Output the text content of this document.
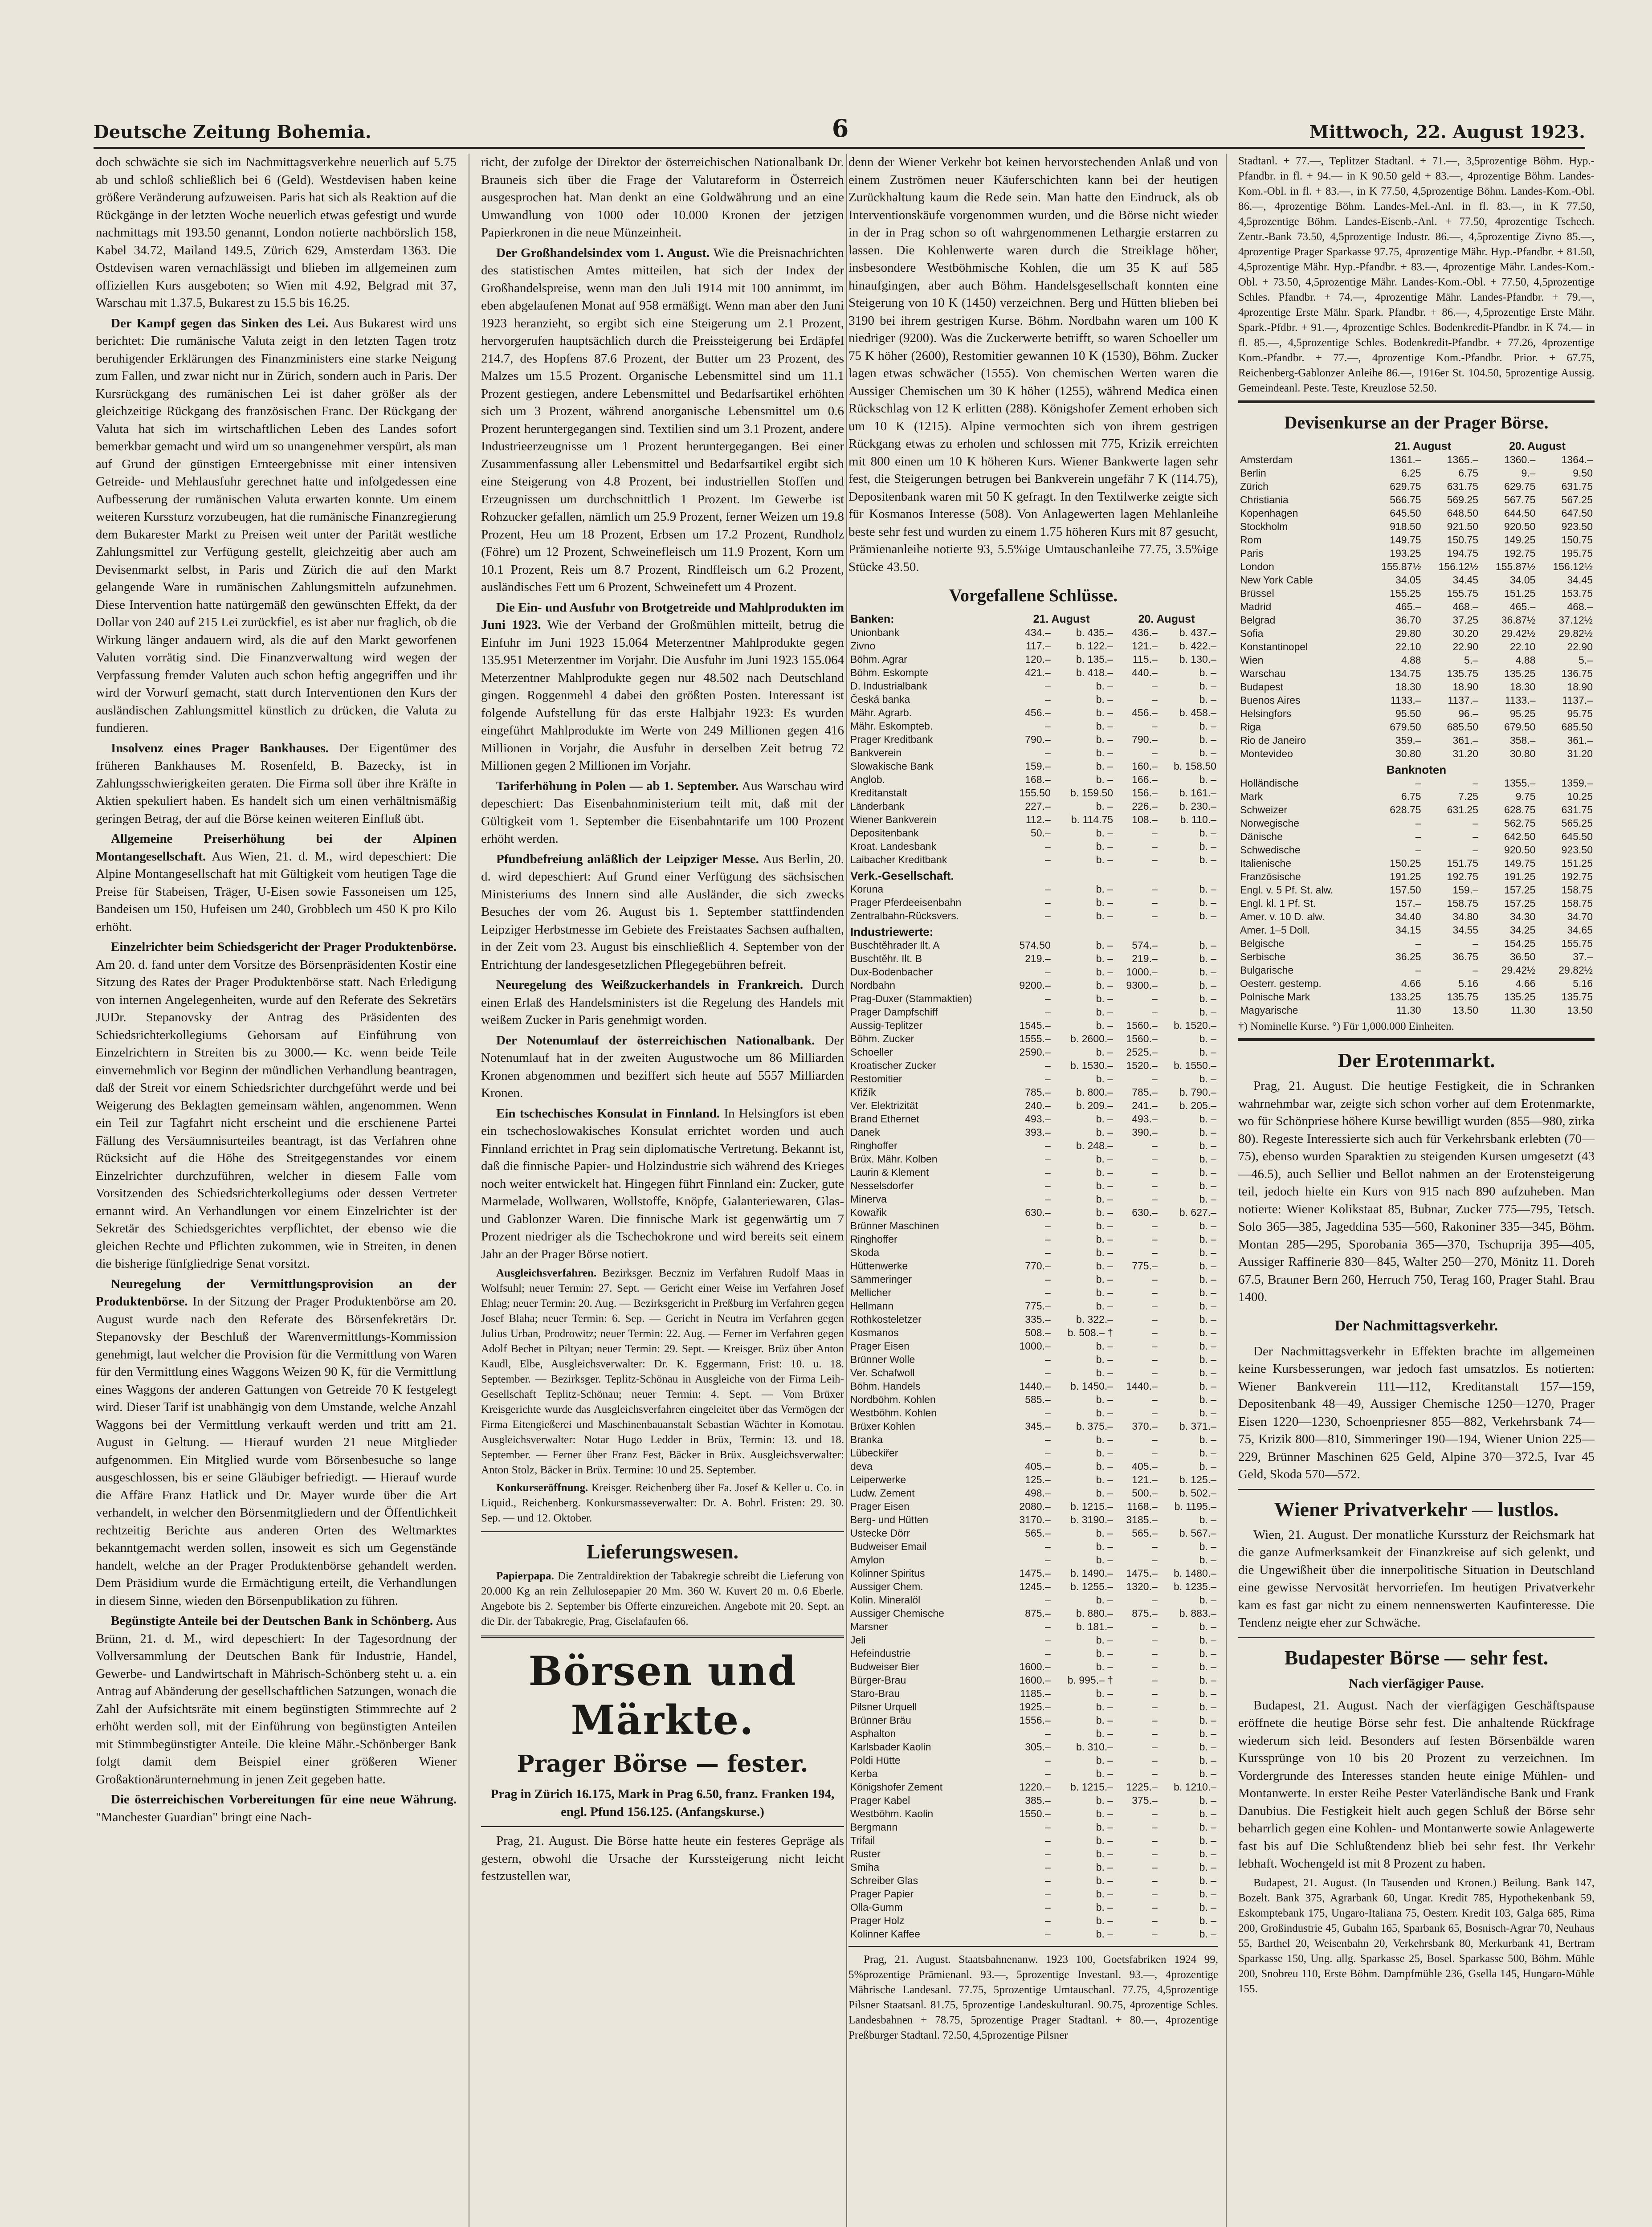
Deutsche Zeitung Bohemia.	6	Mittwoch, 22. August 1923.

doch schwächte sie sich im Nachmittagsverkehre neuerlich auf 5.75 ab und schloß schließlich bei 6 (Geld). Westdevisen haben keine größere Veränderung aufzuweisen. Paris hat sich als Reaktion auf die Rückgänge in der letzten Woche neuerlich etwas gefestigt und wurde nachmittags mit 193.50 genannt, London notierte nachbörslich 158, Kabel 34.72, Mailand 149.5, Zürich 629, Amsterdam 1363. Die Ostdevisen waren vernachlässigt und blieben im allgemeinen zum offiziellen Kurs ausgeboten; so Wien mit 4.92, Belgrad mit 37, Warschau mit 1.37.5, Bukarest zu 15.5 bis 16.25.

Der Kampf gegen das Sinken des Lei. Aus Bukarest wird uns berichtet: Die rumänische Valuta zeigt in den letzten Tagen trotz beruhigender Erklärungen des Finanzministers eine starke Neigung zum Fallen, und zwar nicht nur in Zürich, sondern auch in Paris. Der Kursrückgang des rumänischen Lei ist daher größer als der gleichzeitige Rückgang des französischen Franc. Der Rückgang der Valuta hat sich im wirtschaftlichen Leben des Landes sofort bemerkbar gemacht und wird um so unangenehmer verspürt, als man auf Grund der günstigen Ernteergebnisse mit einer intensiven Getreide- und Mehlausfuhr gerechnet hatte und infolgedessen eine Aufbesserung der rumänischen Valuta erwarten konnte. Um einem weiteren Kurssturz vorzubeugen, hat die rumänische Finanzregierung dem Bukarester Markt zu Preisen weit unter der Parität westliche Zahlungsmittel zur Verfügung gestellt, gleichzeitig aber auch am Devisenmarkt selbst, in Paris und Zürich die auf den Markt gelangende Ware in rumänischen Zahlungsmitteln aufzunehmen. Diese Intervention hatte natürgemäß den gewünschten Effekt, da der Dollar von 240 auf 215 Lei zurückfiel, es ist aber nur fraglich, ob die Wirkung länger andauern wird, als die auf den Markt geworfenen Valuten vorrätig sind. Die Finanzverwaltung wird wegen der Verpfassung fremder Valuten auch schon heftig angegriffen und ihr wird der Vorwurf gemacht, statt durch Interventionen den Kurs der ausländischen Zahlungsmittel künstlich zu drücken, die Valuta zu fundieren.

Insolvenz eines Prager Bankhauses. Der Eigentümer des früheren Bankhauses M. Rosenfeld, B. Bazecky, ist in Zahlungsschwierigkeiten geraten. Die Firma soll über ihre Kräfte in Aktien spekuliert haben. Es handelt sich um einen verhältnismäßig geringen Betrag, der auf die Börse keinen weiteren Einfluß übt.

Allgemeine Preiserhöhung bei der Alpinen Montangesellschaft. Aus Wien, 21. d. M., wird depeschiert: Die Alpine Montangesellschaft hat mit Gültigkeit vom heutigen Tage die Preise für Stabeisen, Träger, U-Eisen sowie Fassoneisen um 125, Bandeisen um 150, Hufeisen um 240, Grobblech um 450 K pro Kilo erhöht.

Einzelrichter beim Schiedsgericht der Prager Produktenbörse. Am 20. d. fand unter dem Vorsitze des Börsenpräsidenten Kostir eine Sitzung des Rates der Prager Produktenbörse statt. Nach Erledigung von internen Angelegenheiten, wurde auf den Referate des Sekretärs JUDr. Stepanovsky der Antrag des Präsidenten des Schiedsrichterkollegiums Gehorsam auf Einführung von Einzelrichtern in Streiten bis zu 3000.— Kc. wenn beide Teile einvernehmlich vor Beginn der mündlichen Verhandlung beantragen, daß der Streit vor einem Schiedsrichter durchgeführt werde und bei Weigerung des Beklagten gemeinsam wählen, angenommen. Wenn ein Teil zur Tagfahrt nicht erscheint und die erschienene Partei Fällung des Versäumnisurteiles beantragt, ist das Verfahren ohne Rücksicht auf die Höhe des Streitgegenstandes vor einem Einzelrichter durchzuführen, welcher in diesem Falle vom Vorsitzenden des Schiedsrichterkollegiums oder dessen Vertreter ernannt wird. An Verhandlungen vor einem Einzelrichter ist der Sekretär des Schiedsgerichtes verpflichtet, der ebenso wie die gleichen Rechte und Pflichten zukommen, wie in Streiten, in denen die bisherige fünfgliedrige Senat vorsitzt.

Neuregelung der Vermittlungsprovision an der Produktenbörse. In der Sitzung der Prager Produktenbörse am 20. August wurde nach den Referate des Börsenfekretärs Dr. Stepanovsky der Beschluß der Warenvermittlungs-Kommission genehmigt, laut welcher die Provision für die Vermittlung von Waren für den Vermittlung eines Waggons Weizen 90 K, für die Vermittlung eines Waggons der anderen Gattungen von Getreide 70 K festgelegt wird. Dieser Tarif ist unabhängig von dem Umstande, welche Anzahl Waggons bei der Vermittlung verkauft werden und tritt am 21. August in Geltung. — Hierauf wurden 21 neue Mitglieder aufgenommen. Ein Mitglied wurde vom Börsenbesuche so lange ausgeschlossen, bis er seine Gläubiger befriedigt. — Hierauf wurde die Affäre Franz Hatlick und Dr. Mayer wurde über die Art verhandelt, in welcher den Börsenmitgliedern und der Öffentlichkeit rechtzeitig Berichte aus anderen Orten des Weltmarktes bekanntgemacht werden sollen, insoweit es sich um Gegenstände handelt, welche an der Prager Produktenbörse gehandelt werden. Dem Präsidium wurde die Ermächtigung erteilt, die Verhandlungen in diesem Sinne, wieden den Börsenpublikation zu führen.

Begünstigte Anteile bei der Deutschen Bank in Schönberg. Aus Brünn, 21. d. M., wird depeschiert: In der Tagesordnung der Vollversammlung der Deutschen Bank für Industrie, Handel, Gewerbe- und Landwirtschaft in Mährisch-Schönberg steht u. a. ein Antrag auf Abänderung der gesellschaftlichen Satzungen, wonach die Zahl der Aufsichtsräte mit einem begünstigten Stimmrechte auf 2 erhöht werden soll, mit der Einführung von begünstigten Anteilen mit Stimmbegünstigter Anteile. Die kleine Mähr.-Schönberger Bank folgt damit dem Beispiel einer größeren Wiener Großaktionärunternehmung in jenen Zeit gegeben hatte.

Die österreichischen Vorbereitungen für eine neue Währung. "Manchester Guardian" bringt eine Nach-

richt, der zufolge der Direktor der österreichischen Nationalbank Dr. Brauneis sich über die Frage der Valutareform in Österreich ausgesprochen hat. Man denkt an eine Goldwährung und an eine Umwandlung von 1000 oder 10.000 Kronen der jetzigen Papierkronen in die neue Münzeinheit.

Der Großhandelsindex vom 1. August. Wie die Preisnachrichten des statistischen Amtes mitteilen, hat sich der Index der Großhandelspreise, wenn man den Juli 1914 mit 100 annimmt, im eben abgelaufenen Monat auf 958 ermäßigt. Wenn man aber den Juni 1923 heranzieht, so ergibt sich eine Steigerung um 2.1 Prozent, hervorgerufen hauptsächlich durch die Preissteigerung bei Erdäpfel 214.7, des Hopfens 87.6 Prozent, der Butter um 23 Prozent, des Malzes um 15.5 Prozent. Organische Lebensmittel sind um 11.1 Prozent gestiegen, andere Lebensmittel und Bedarfsartikel erhöhten sich um 3 Prozent, während anorganische Lebensmittel um 0.6 Prozent heruntergegangen sind. Textilien sind um 3.1 Prozent, andere Industrieerzeugnisse um 1 Prozent heruntergegangen. Bei einer Zusammenfassung aller Lebensmittel und Bedarfsartikel ergibt sich eine Steigerung von 4.8 Prozent, bei industriellen Stoffen und Erzeugnissen um durchschnittlich 1 Prozent. Im Gewerbe ist Rohzucker gefallen, nämlich um 25.9 Prozent, ferner Weizen um 19.8 Prozent, Heu um 18 Prozent, Erbsen um 17.2 Prozent, Rundholz (Föhre) um 12 Prozent, Schweinefleisch um 11.9 Prozent, Korn um 10.1 Prozent, Reis um 8.7 Prozent, Rindfleisch um 6.2 Prozent, ausländisches Fett um 6 Prozent, Schweinefett um 4 Prozent.

Die Ein- und Ausfuhr von Brotgetreide und Mahlprodukten im Juni 1923. Wie der Verband der Großmühlen mitteilt, betrug die Einfuhr im Juni 1923 15.064 Meterzentner Mahlprodukte gegen 135.951 Meterzentner im Vorjahr. Die Ausfuhr im Juni 1923 155.064 Meterzentner Mahlprodukte gegen nur 48.502 nach Deutschland gingen. Roggenmehl 4 dabei den größten Posten. Interessant ist folgende Aufstellung für das erste Halbjahr 1923: Es wurden eingeführt Mahlprodukte im Werte von 249 Millionen gegen 416 Millionen in Vorjahr, die Ausfuhr in derselben Zeit betrug 72 Millionen gegen 2 Millionen im Vorjahr.

Tariferhöhung in Polen — ab 1. September. Aus Warschau wird depeschiert: Das Eisenbahnministerium teilt mit, daß mit der Gültigkeit vom 1. September die Eisenbahntarife um 100 Prozent erhöht werden.

Pfundbefreiung anläßlich der Leipziger Messe. Aus Berlin, 20. d. wird depeschiert: Auf Grund einer Verfügung des sächsischen Ministeriums des Innern sind alle Ausländer, die sich zwecks Besuches der vom 26. August bis 1. September stattfindenden Leipziger Herbstmesse im Gebiete des Freistaates Sachsen aufhalten, in der Zeit vom 23. August bis einschließlich 4. September von der Entrichtung der landesgesetzlichen Pflegegebühren befreit.

Neuregelung des Weißzuckerhandels in Frankreich. Durch einen Erlaß des Handelsministers ist die Regelung des Handels mit weißem Zucker in Paris genehmigt worden.

Der Notenumlauf der österreichischen Nationalbank. Der Notenumlauf hat in der zweiten Augustwoche um 86 Milliarden Kronen abgenommen und beziffert sich heute auf 5557 Milliarden Kronen.

Ein tschechisches Konsulat in Finnland. In Helsingfors ist eben ein tschechoslowakisches Konsulat errichtet worden und auch Finnland errichtet in Prag sein diplomatische Vertretung. Bekannt ist, daß die finnische Papier- und Holzindustrie sich während des Krieges noch weiter entwickelt hat. Hingegen führt Finnland ein: Zucker, gute Marmelade, Wollwaren, Wollstoffe, Knöpfe, Galanteriewaren, Glas- und Gablonzer Waren. Die finnische Mark ist gegenwärtig um 7 Prozent niedriger als die Tschechokrone und wird bereits seit einem Jahr an der Prager Börse notiert.

Ausgleichsverfahren. Bezirksger. Beczniz im Verfahren Rudolf Maas in Wolfsuhl; neuer Termin: 27. Sept. — Gericht einer Weise im Verfahren Josef Ehlag; neuer Termin: 20. Aug. — Bezirksgericht in Preßburg im Verfahren gegen Josef Blaha; neuer Termin: 6. Sep. — Gericht in Neutra im Verfahren gegen Julius Urban, Prodrowitz; neuer Termin: 22. Aug. — Ferner im Verfahren gegen Adolf Bechet in Piltyan; neuer Termin: 29. Sept. — Kreisger. Brüz über Anton Kaudl, Elbe, Ausgleichsverwalter: Dr. K. Eggermann, Frist: 10. u. 18. September. — Bezirksger. Teplitz-Schönau in Ausgleiche von der Firma Leih-Gesellschaft Teplitz-Schönau; neuer Termin: 4. Sept. — Vom Brüxer Kreisgerichte wurde das Ausgleichsverfahren eingeleitet über das Vermögen der Firma Eitengießerei und Maschinenbauanstalt Sebastian Wächter in Komotau. Ausgleichsverwalter: Notar Hugo Ledder in Brüx, Termin: 13. und 18. September. — Ferner über Franz Fest, Bäcker in Brüx. Ausgleichsverwalter: Anton Stolz, Bäcker in Brüx. Termine: 10 und 25. September.

Konkurseröffnung. Kreisger. Reichenberg über Fa. Josef & Keller u. Co. in Liquid., Reichenberg. Konkursmasseverwalter: Dr. A. Bohrl. Fristen: 29. 30. Sep. — und 12. Oktober.

Lieferungswesen.

Papierpapa. Die Zentraldirektion der Tabakregie schreibt die Lieferung von 20.000 Kg an rein Zellulosepapier 20 Mm. 360 W. Kuvert 20 m. 0.6 Eberle. Angebote bis 2. September bis Offerte einzureichen. Angebote mit 20. Sept. an die Dir. der Tabakregie, Prag, Giselafaufen 66.

Börsen und Märkte.
Prager Börse — fester.

Prag in Zürich 16.175, Mark in Prag 6.50, franz. Franken 194, engl. Pfund 156.125. (Anfangskurse.)

Prag, 21. August. Die Börse hatte heute ein festeres Gepräge als gestern, obwohl die Ursache der Kurssteigerung nicht leicht festzustellen war,

denn der Wiener Verkehr bot keinen hervorstechenden Anlaß und von einem Zuströmen neuer Käuferschichten kann bei der heutigen Zurückhaltung kaum die Rede sein. Man hatte den Eindruck, als ob Interventionskäufe vorgenommen wurden, und die Börse nicht wieder in der in Prag schon so oft wahrgenommenen Lethargie erstarren zu lassen. Die Kohlenwerte waren durch die Streiklage höher, insbesondere Westböhmische Kohlen, die um 35 K auf 585 hinaufgingen, aber auch Böhm. Handelsgesellschaft konnten eine Steigerung von 10 K (1450) verzeichnen. Berg und Hütten blieben bei 3190 bei ihrem gestrigen Kurse. Böhm. Nordbahn waren um 100 K niedriger (9200). Was die Zuckerwerte betrifft, so waren Schoeller um 75 K höher (2600), Restomitier gewannen 10 K (1530), Böhm. Zucker lagen etwas schwächer (1555). Von chemischen Werten waren die Aussiger Chemischen um 30 K höher (1255), während Medica einen Rückschlag von 12 K erlitten (288). Königshofer Zement erhoben sich um 10 K (1215). Alpine vermochten sich von ihrem gestrigen Rückgang etwas zu erholen und schlossen mit 775, Krizik erreichten mit 800 einen um 10 K höheren Kurs. Wiener Bankwerte lagen sehr fest, die Steigerungen betrugen bei Bankverein ungefähr 7 K (114.75), Depositenbank waren mit 50 K gefragt. In den Textilwerke zeigte sich für Kosmanos Interesse (508). Von Anlagewerten lagen Mehlanleihe beste sehr fest und wurden zu einem 1.75 höheren Kurs mit 87 gesucht, Prämienanleihe notierte 93, 5.5%ige Umtauschanleihe 77.75, 3.5%ige Stücke 43.50.

Vorgefallene Schlüsse.
Banken:	21. August		20. August	
Unionbank	434.–	b. 435.–	436.–	b. 437.–
Zivno	117.–	b. 122.–	121.–	b. 422.–
Böhm. Agrar	120.–	b. 135.–	115.–	b. 130.–
Böhm. Eskompte	421.–	b. 418.–	440.–	b. –
D. Industrialbank	–	b. –	–	b. –
Česká banka	–	b. –	–	b. –
Mähr. Agrarb.	456.–	b. –	456.–	b. 458.–
Mähr. Eskompteb.	–	b. –	–	b. –
Prager Kreditbank	790.–	b. –	790.–	b. –
Bankverein	–	b. –	–	b. –
Slowakische Bank	159.–	b. –	160.–	b. 158.50
Anglob.	168.–	b. –	166.–	b. –
Kreditanstalt	155.50	b. 159.50	156.–	b. 161.–
Länderbank	227.–	b. –	226.–	b. 230.–
Wiener Bankverein	112.–	b. 114.75	108.–	b. 110.–
Depositenbank	50.–	b. –	–	b. –
Kroat. Landesbank	–	b. –	–	b. –
Laibacher Kreditbank	–	b. –	–	b. –
Verk.-Gesellschaft.				
Koruna	–	b. –	–	b. –
Prager Pferdeeisenbahn	–	b. –	–	b. –
Zentralbahn-Rücksvers.	–	b. –	–	b. –
Industriewerte:				
Buschtěhrader Ilt. A	574.50	b. –	574.–	b. –
Buschtěhr. Ilt. B	219.–	b. –	219.–	b. –
Dux-Bodenbacher	–	b. –	1000.–	b. –
Nordbahn	9200.–	b. –	9300.–	b. –
Prag-Duxer (Stammaktien)	–	b. –	–	b. –
Prager Dampfschiff	–	b. –	–	b. –
Aussig-Teplitzer	1545.–	b. –	1560.–	b. 1520.–
Böhm. Zucker	1555.–	b. 2600.–	1560.–	b. –
Schoeller	2590.–	b. –	2525.–	b. –
Kroatischer Zucker	–	b. 1530.–	1520.–	b. 1550.–
Restomitier	–	b. –	–	b. –
Křižík	785.–	b. 800.–	785.–	b. 790.–
Ver. Elektrizität	240.–	b. 209.–	241.–	b. 205.–
Brand Ethernet	493.–	b. –	493.–	b. –
Danek	393.–	b. –	390.–	b. –
Ringhoffer	–	b. 248.–	–	b. –
Brüx. Mähr. Kolben	–	b. –	–	b. –
Laurin & Klement	–	b. –	–	b. –
Nesselsdorfer	–	b. –	–	b. –
Minerva	–	b. –	–	b. –
Kowařik	630.–	b. –	630.–	b. 627.–
Brünner Maschinen	–	b. –	–	b. –
Ringhoffer	–	b. –	–	b. –
Skoda	–	b. –	–	b. –
Hüttenwerke	770.–	b. –	775.–	b. –
Sämmeringer	–	b. –	–	b. –
Mellicher	–	b. –	–	b. –
Hellmann	775.–	b. –	–	b. –
Rothkosteletzer	335.–	b. 322.–	–	b. –
Kosmanos	508.–	b. 508.– †	–	b. –
Prager Eisen	1000.–	b. –	–	b. –
Brünner Wolle	–	b. –	–	b. –
Ver. Schafwoll	–	b. –	–	b. –
Böhm. Handels	1440.–	b. 1450.–	1440.–	b. –
Nordböhm. Kohlen	585.–	b. –	–	b. –
Westböhm. Kohlen	–	b. –	–	b. –
Brüxer Kohlen	345.–	b. 375.–	370.–	b. 371.–
Branka	–	b. –	–	b. –
Lübeckiřer	–	b. –	–	b. –
deva	405.–	b. –	405.–	b. –
Leiperwerke	125.–	b. –	121.–	b. 125.–
Ludw. Zement	498.–	b. –	500.–	b. 502.–
Prager Eisen	2080.–	b. 1215.–	1168.–	b. 1195.–
Berg- und Hütten	3170.–	b. 3190.–	3185.–	b. –
Ustecke Dörr	565.–	b. –	565.–	b. 567.–
Budweiser Email	–	b. –	–	b. –
Amylon	–	b. –	–	b. –
Kolinner Spiritus	1475.–	b. 1490.–	1475.–	b. 1480.–
Aussiger Chem.	1245.–	b. 1255.–	1320.–	b. 1235.–
Kolin. Mineralöl	–	b. –	–	b. –
Aussiger Chemische	875.–	b. 880.–	875.–	b. 883.–
Marsner	–	b. 181.–	–	b. –
Jeli	–	b. –	–	b. –
Hefeindustrie	–	b. –	–	b. –
Budweiser Bier	1600.–	b. –	–	b. –
Bürger-Brau	1600.–	b. 995.– †	–	b. –
Staro-Brau	1185.–	b. –	–	b. –
Pilsner Urquell	1925.–	b. –	–	b. –
Brünner Bräu	1556.–	b. –	–	b. –
Asphalton	–	b. –	–	b. –
Karlsbader Kaolin	305.–	b. 310.–	–	b. –
Poldi Hütte	–	b. –	–	b. –
Kerba	–	b. –	–	b. –
Königshofer Zement	1220.–	b. 1215.–	1225.–	b. 1210.–
Prager Kabel	385.–	b. –	375.–	b. –
Westböhm. Kaolin	1550.–	b. –	–	b. –
Bergmann	–	b. –	–	b. –
Trifail	–	b. –	–	b. –
Ruster	–	b. –	–	b. –
Smiha	–	b. –	–	b. –
Schreiber Glas	–	b. –	–	b. –
Prager Papier	–	b. –	–	b. –
Olla-Gumm	–	b. –	–	b. –
Prager Holz	–	b. –	–	b. –
Kolinner Kaffee	–	b. –	–	b. –

Prag, 21. August. Staatsbahnenanw. 1923 100, Goetsfabriken 1924 99, 5%prozentige Prämienanl. 93.—, 5prozentige Investanl. 93.—, 4prozentige Mährische Landesanl. 77.75, 5prozentige Umtauschanl. 77.75, 4,5prozentige Pilsner Staatsanl. 81.75, 5prozentige Landeskulturanl. 90.75, 4prozentige Schles. Landesbahnen + 78.75, 5prozentige Prager Stadtanl. + 80.—, 4prozentige Preßburger Stadtanl. 72.50, 4,5prozentige Pilsner

Stadtanl. + 77.—, Teplitzer Stadtanl. + 71.—, 3,5prozentige Böhm. Hyp.-Pfandbr. in fl. + 94.— in K 90.50 geld + 83.—, 4prozentige Böhm. Landes-Kom.-Obl. in fl. + 83.—, in K 77.50, 4,5prozentige Böhm. Landes-Kom.-Obl. 86.—, 4prozentige Böhm. Landes-Mel.-Anl. in fl. 83.—, in K 77.50, 4,5prozentige Böhm. Landes-Eisenb.-Anl. + 77.50, 4prozentige Tschech. Zentr.-Bank 73.50, 4,5prozentige Industr. 86.—, 4,5prozentige Zivno 85.—, 4prozentige Prager Sparkasse 97.75, 4prozentige Mähr. Hyp.-Pfandbr. + 81.50, 4,5prozentige Mähr. Hyp.-Pfandbr. + 83.—, 4prozentige Mähr. Landes-Kom.-Obl. + 73.50, 4,5prozentige Mähr. Landes-Kom.-Obl. + 77.50, 4,5prozentige Schles. Pfandbr. + 74.—, 4prozentige Mähr. Landes-Pfandbr. + 79.—, 4prozentige Erste Mähr. Spark. Pfandbr. + 86.—, 4,5prozentige Erste Mähr. Spark.-Pfdbr. + 91.—, 4prozentige Schles. Bodenkredit-Pfandbr. in K 74.— in fl. 85.—, 4,5prozentige Schles. Bodenkredit-Pfandbr. + 77.26, 4prozentige Kom.-Pfandbr. + 77.—, 4prozentige Kom.-Pfandbr. Prior. + 67.75, Reichenberg-Gablonzer Anleihe 86.—, 1916er St. 104.50, 5prozentige Aussig. Gemeindeanl. Peste. Teste, Kreuzlose 52.50.

Devisenkurse an der Prager Börse.
	21. August		20. August	
Amsterdam	1361.–	1365.–	1360.–	1364.–
Berlin	6.25	6.75	9.–	9.50
Zürich	629.75	631.75	629.75	631.75
Christiania	566.75	569.25	567.75	567.25
Kopenhagen	645.50	648.50	644.50	647.50
Stockholm	918.50	921.50	920.50	923.50
Rom	149.75	150.75	149.25	150.75
Paris	193.25	194.75	192.75	195.75
London	155.87½	156.12½	155.87½	156.12½
New York Cable	34.05	34.45	34.05	34.45
Brüssel	155.25	155.75	151.25	153.75
Madrid	465.–	468.–	465.–	468.–
Belgrad	36.70	37.25	36.87½	37.12½
Sofia	29.80	30.20	29.42½	29.82½
Konstantinopel	22.10	22.90	22.10	22.90
Wien	4.88	5.–	4.88	5.–
Warschau	134.75	135.75	135.25	136.75
Budapest	18.30	18.90	18.30	18.90
Buenos Aires	1133.–	1137.–	1133.–	1137.–
Helsingfors	95.50	96.–	95.25	95.75
Riga	679.50	685.50	679.50	685.50
Rio de Janeiro	359.–	361.–	358.–	361.–
Montevideo	30.80	31.20	30.80	31.20
Banknoten				
Holländische	–	–	1355.–	1359.–
Mark	6.75	7.25	9.75	10.25
Schweizer	628.75	631.25	628.75	631.75
Norwegische	–	–	562.75	565.25
Dänische	–	–	642.50	645.50
Schwedische	–	–	920.50	923.50
Italienische	150.25	151.75	149.75	151.25
Französische	191.25	192.75	191.25	192.75
Engl. v. 5 Pf. St. alw.	157.50	159.–	157.25	158.75
Engl. kl. 1 Pf. St.	157.–	158.75	157.25	158.75
Amer. v. 10 D. alw.	34.40	34.80	34.30	34.70
Amer. 1–5 Doll.	34.15	34.55	34.25	34.65
Belgische	–	–	154.25	155.75
Serbische	36.25	36.75	36.50	37.–
Bulgarische	–	–	29.42½	29.82½
Oesterr. gestemp.	4.66	5.16	4.66	5.16
Polnische Mark	133.25	135.75	135.25	135.75
Magyarische	11.30	13.50	11.30	13.50
†) Nominelle Kurse. °) Für 1,000.000 Einheiten.
Der Erotenmarkt.

Prag, 21. August. Die heutige Festigkeit, die in Schranken wahrnehmbar war, zeigte sich schon vorher auf dem Erotenmarkte, wo für Schönpriese höhere Kurse bewilligt wurden (855—980, zirka 80). Regeste Interessierte sich auch für Verkehrsbank erlebten (70—75), ebenso wurden Sparaktien zu steigenden Kursen umgesetzt (43—46.5), auch Sellier und Bellot nahmen an der Erotensteigerung teil, jedoch hielte ein Kurs von 915 nach 890 aufzuheben. Man notierte: Wiener Kolikstaat 85, Bubnar, Zucker 775—795, Tetsch. Solo 365—385, Jageddina 535—560, Rakoniner 335—345, Böhm. Montan 285—295, Sporobania 365—370, Tschuprija 395—405, Aussiger Raffinerie 830—845, Walter 250—270, Mönitz 11. Doreh 67.5, Brauner Bern 260, Herruch 750, Terag 160, Prager Stahl. Brau 1400.

Der Nachmittagsverkehr.

Der Nachmittagsverkehr in Effekten brachte im allgemeinen keine Kursbesserungen, war jedoch fast umsatzlos. Es notierten: Wiener Bankverein 111—112, Kreditanstalt 157—159, Depositenbank 48—49, Aussiger Chemische 1250—1270, Prager Eisen 1220—1230, Schoenpriesner 855—882, Verkehrsbank 74—75, Krizik 800—810, Simmeringer 190—194, Wiener Union 225—229, Brünner Maschinen 625 Geld, Alpine 370—372.5, Ivar 45 Geld, Skoda 570—572.

Wiener Privatverkehr — lustlos.

Wien, 21. August. Der monatliche Kurssturz der Reichsmark hat die ganze Aufmerksamkeit der Finanzkreise auf sich gelenkt, und die Ungewißheit über die innerpolitische Situation in Deutschland eine gewisse Nervosität hervorriefen. Im heutigen Privatverkehr kam es fast gar nicht zu einem nennenswerten Kaufinteresse. Die Tendenz neigte eher zur Schwäche.

Budapester Börse — sehr fest.
Nach vierfägiger Pause.

Budapest, 21. August. Nach der vierfägigen Geschäftspause eröffnete die heutige Börse sehr fest. Die anhaltende Rückfrage wiederum sich leid. Besonders auf festen Börsenbälde waren Kurssprünge von 10 bis 20 Prozent zu verzeichnen. Im Vordergrunde des Interesses standen heute einige Mühlen- und Montanwerte. In erster Reihe Pester Vaterländische Bank und Frank Danubius. Die Festigkeit hielt auch gegen Schluß der Börse sehr beharrlich gegen eine Kohlen- und Montanwerte sowie Anlagewerte fast bis auf Die Schlußtendenz blieb bei sehr fest. Ihr Verkehr lebhaft. Wochengeld ist mit 8 Prozent zu haben.

Budapest, 21. August. (In Tausenden und Kronen.) Beilung. Bank 147, Bozelt. Bank 375, Agrarbank 60, Ungar. Kredit 785, Hypothekenbank 59, Eskomptebank 175, Ungaro-Italiana 75, Oesterr. Kredit 103, Galga 685, Rima 200, Großindustrie 45, Gubahn 165, Sparbank 65, Bosnisch-Agrar 70, Neuhaus 55, Barthel 20, Weisenbahn 20, Verkehrsbank 80, Merkurbank 41, Bertram Sparkasse 150, Ung. allg. Sparkasse 25, Bosel. Sparkasse 500, Böhm. Mühle 200, Snobreu 110, Erste Böhm. Dampfmühle 236, Gsella 145, Hungaro-Mühle 155.
